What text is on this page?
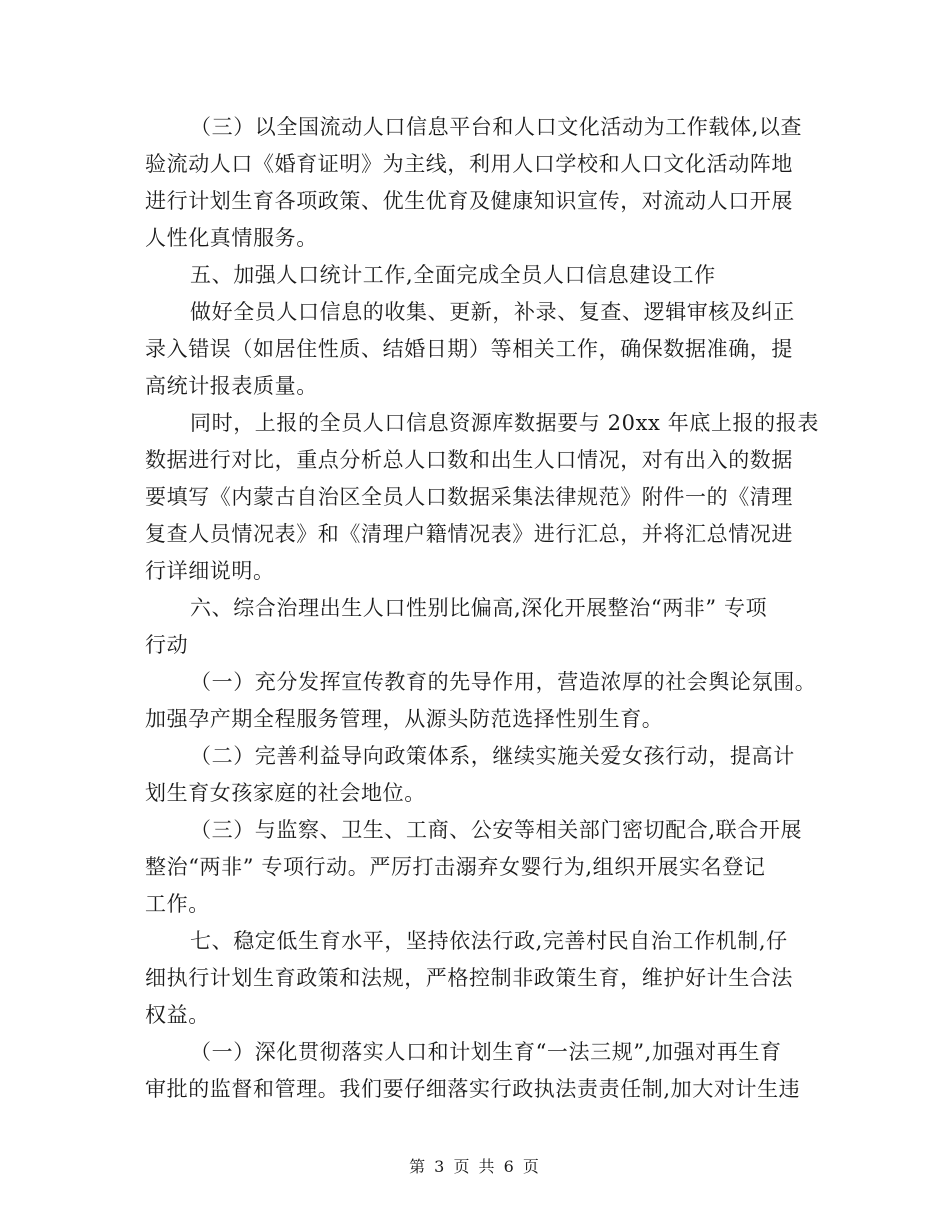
（三）以全国流动人口信息平台和人口文化活动为工作载体,以查
验流动人口《婚育证明》为主线，利用人口学校和人口文化活动阵地
进行计划生育各项政策、优生优育及健康知识宣传，对流动人口开展
人性化真情服务。
五、加强人口统计工作,全面完成全员人口信息建设工作
做好全员人口信息的收集、更新，补录、复查、逻辑审核及纠正
录入错误（如居住性质、结婚日期）等相关工作，确保数据准确，提
高统计报表质量。
同时，上报的全员人口信息资源库数据要与 20xx 年底上报的报表
数据进行对比，重点分析总人口数和出生人口情况，对有出入的数据
要填写《内蒙古自治区全员人口数据采集法律规范》附件一的《清理
复查人员情况表》和《清理户籍情况表》进行汇总，并将汇总情况进
行详细说明。
六、综合治理出生人口性别比偏高,深化开展整治“两非” 专项
行动
（一）充分发挥宣传教育的先导作用，营造浓厚的社会舆论氛围。
加强孕产期全程服务管理，从源头防范选择性别生育。
（二）完善利益导向政策体系，继续实施关爱女孩行动，提高计
划生育女孩家庭的社会地位。
（三）与监察、卫生、工商、公安等相关部门密切配合,联合开展
整治“两非” 专项行动。严厉打击溺弃女婴行为,组织开展实名登记
工作。
七、稳定低生育水平，坚持依法行政,完善村民自治工作机制,仔
细执行计划生育政策和法规，严格控制非政策生育，维护好计生合法
权益。
（一）深化贯彻落实人口和计划生育“一法三规”,加强对再生育
审批的监督和管理。我们要仔细落实行政执法责责任制,加大对计生违
第 3 页 共 6 页
